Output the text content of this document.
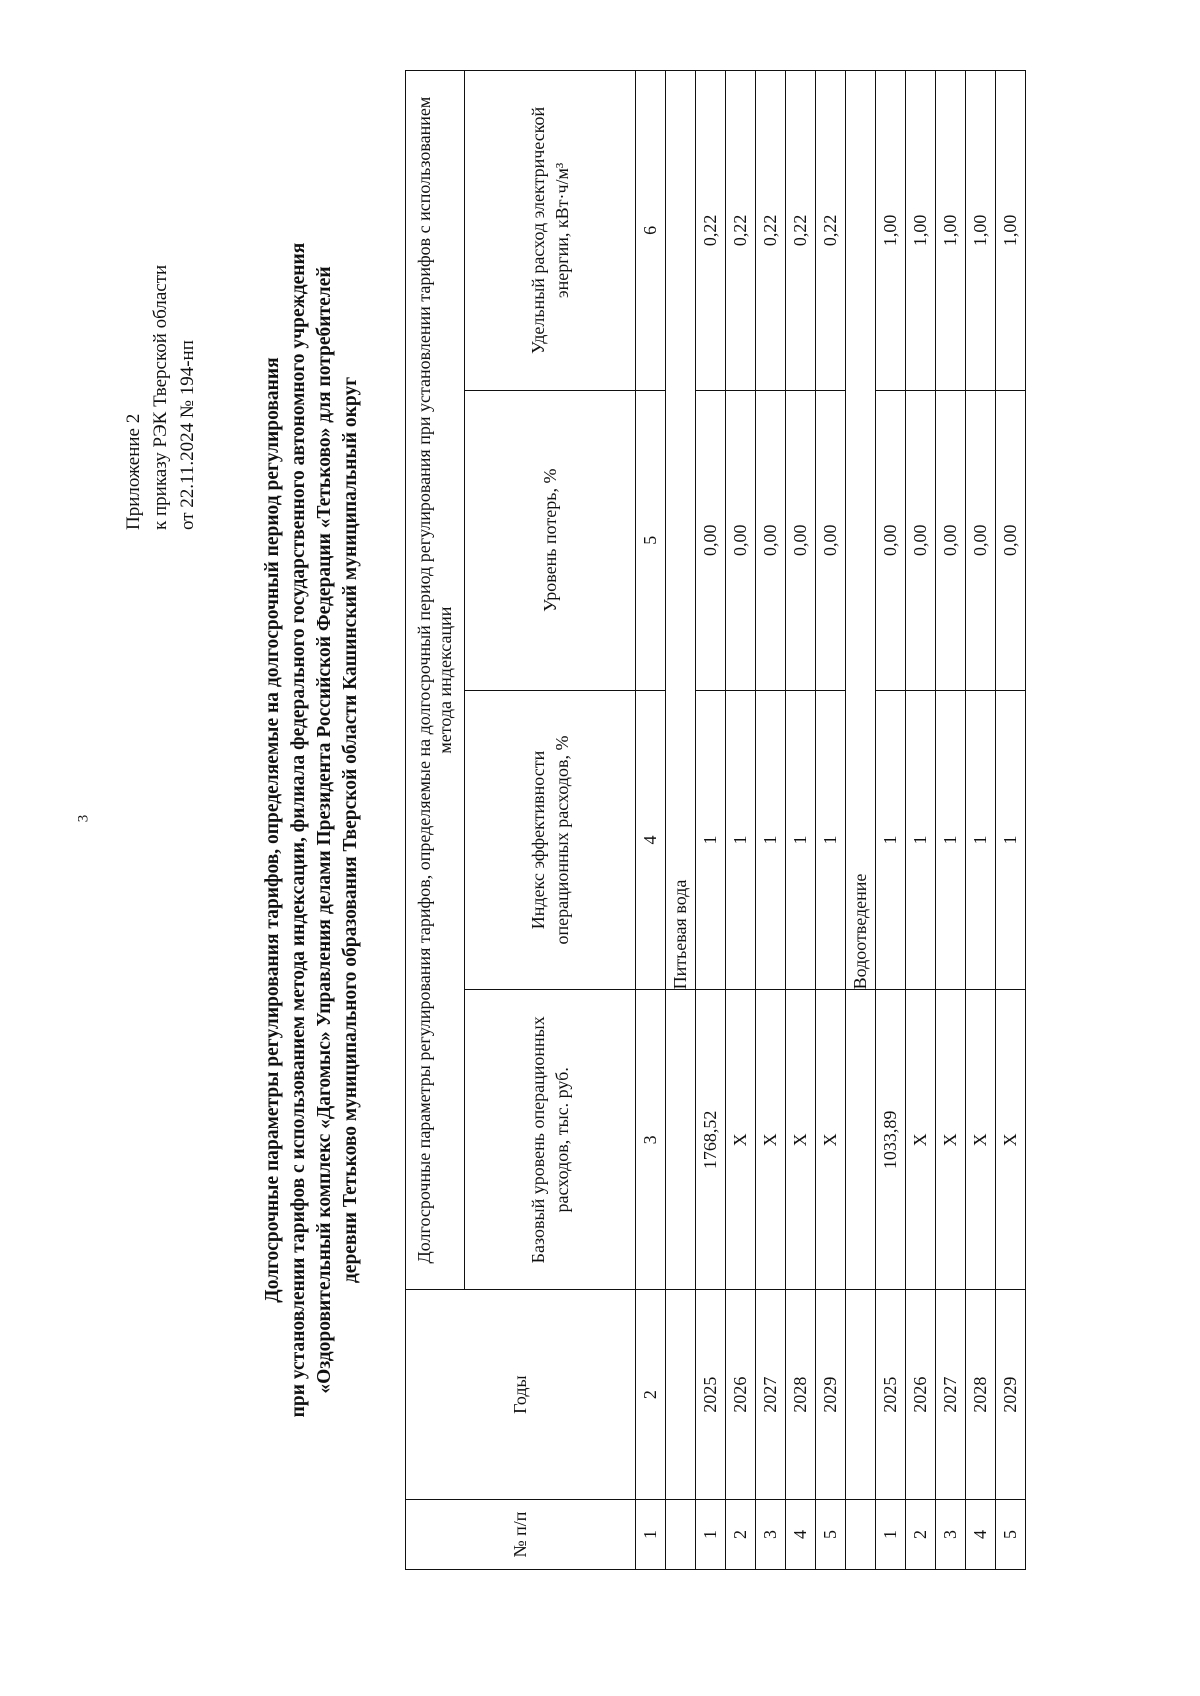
3
Приложение 2 к приказу РЭК Тверской области от 22.11.2024 № 194-нп	Долгосрочные параметры регулирования тарифов, определяемые на долгосрочный период регулирования при установлении тарифов с использованием метода индексации, филиала федерального государственного автономного учреждения «Оздоровительный комплекс «Дагомыс» Управления делами Президента Российской Федерации «Тетьково» для потребителей деревни Тетьково муниципального образования Тверской области Кашинский муниципальный округ
№ п/п	Годы	Долгосрочные параметры регулирования тарифов, определяемые на долгосрочный период регулирования при установлении тарифов с использованием метода индексации			
		Базовый уровень операционных расходов, тыс. руб.	Индекс эффективности операционных расходов, %	Уровень потерь, %	Удельный расход электрической энергии, кВт·ч/м³
1	2	3	4	5	6
			Питьевая вода		
1	2025	1768,52	1	0,00	0,22
2	2026	Х	1	0,00	0,22
3	2027	Х	1	0,00	0,22
4	2028	Х	1	0,00	0,22
5	2029	Х	1	0,00	0,22
			Водоотведение		
1	2025	1033,89	1	0,00	1,00
2	2026	Х	1	0,00	1,00
3	2027	Х	1	0,00	1,00
4	2028	Х	1	0,00	1,00
5	2029	Х	1	0,00	1,00
